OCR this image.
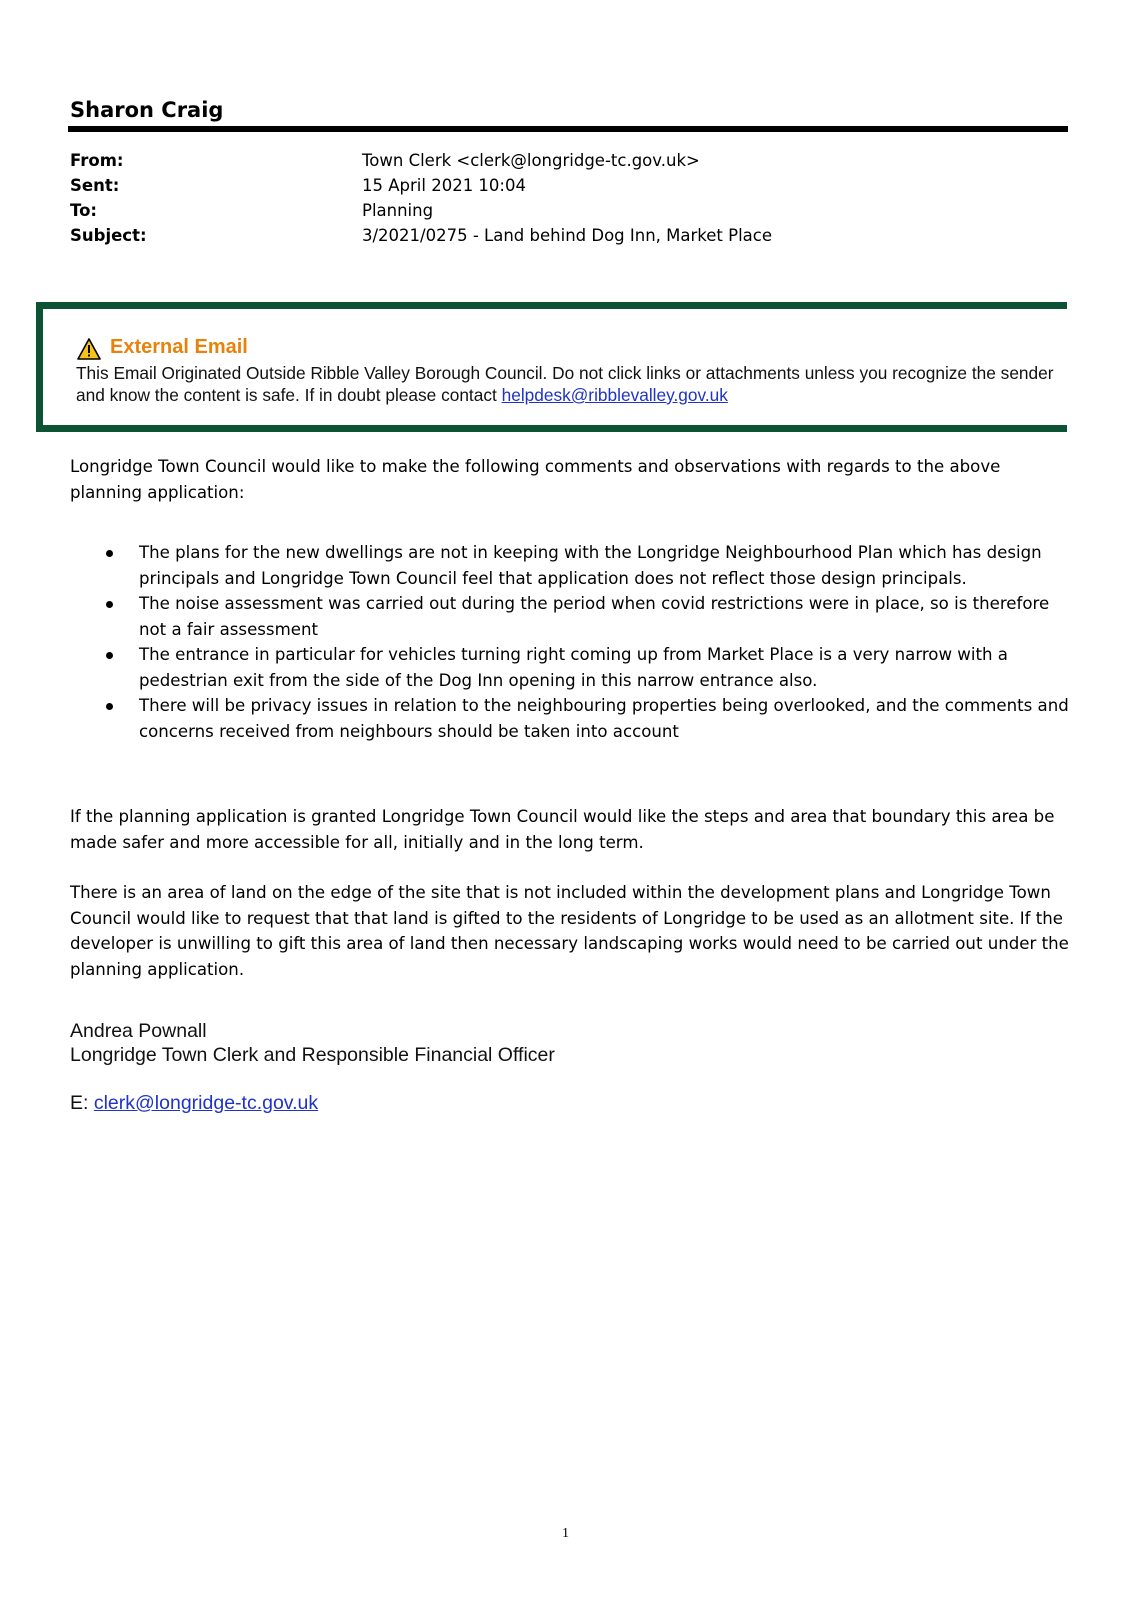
Sharon Craig
From:	Town Clerk <clerk@longridge-tc.gov.uk>
Sent:	15 April 2021 10:04
To:	Planning
Subject:	3/2021/0275 - Land behind Dog Inn, Market Place
External Email
This Email Originated Outside Ribble Valley Borough Council. Do not click links or attachments unless you recognize the sender and know the content is safe. If in doubt please contact helpdesk@ribblevalley.gov.uk
Longridge Town Council would like to make the following comments and observations with regards to the above planning application:
The plans for the new dwellings are not in keeping with the Longridge Neighbourhood Plan which has design principals and Longridge Town Council feel that application does not reflect those design principals.
The noise assessment was carried out during the period when covid restrictions were in place, so is therefore not a fair assessment
The entrance in particular for vehicles turning right coming up from Market Place is a very narrow with a pedestrian exit from the side of the Dog Inn opening in this narrow entrance also.
There will be privacy issues in relation to the neighbouring properties being overlooked, and the comments and concerns received from neighbours should be taken into account
If the planning application is granted Longridge Town Council would like the steps and area that boundary this area be made safer and more accessible for all, initially and in the long term.
There is an area of land on the edge of the site that is not included within the development plans and Longridge Town Council would like to request that that land is gifted to the residents of Longridge to be used as an allotment site. If the developer is unwilling to gift this area of land then necessary landscaping works would need to be carried out under the planning application.
Andrea Pownall
Longridge Town Clerk and Responsible Financial Officer
E: clerk@longridge-tc.gov.uk
1
